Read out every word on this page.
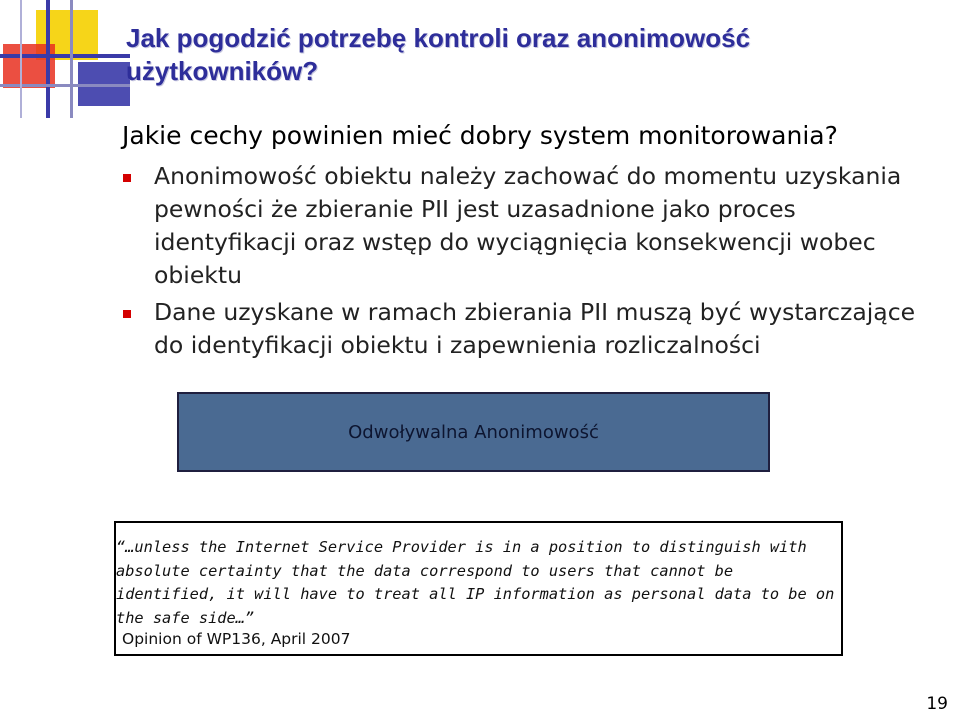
Jak pogodzić potrzebę kontroli oraz anonimowość użytkowników?
Jakie cechy powinien mieć dobry system monitorowania?
Anonimowość obiektu należy zachować do momentu uzyskania pewności że zbieranie PII jest uzasadnione jako proces identyfikacji oraz wstęp do wyciągnięcia konsekwencji wobec obiektu
Dane uzyskane w ramach zbierania PII muszą być wystarczające do identyfikacji obiektu i zapewnienia rozliczalności
Odwoływalna Anonimowość
“…unless the Internet Service Provider is in a position to distinguish with absolute certainty that the data correspond to users that cannot be identified, it will have to treat all IP information as personal data to be on the safe side…”
Opinion of WP136, April 2007
19
